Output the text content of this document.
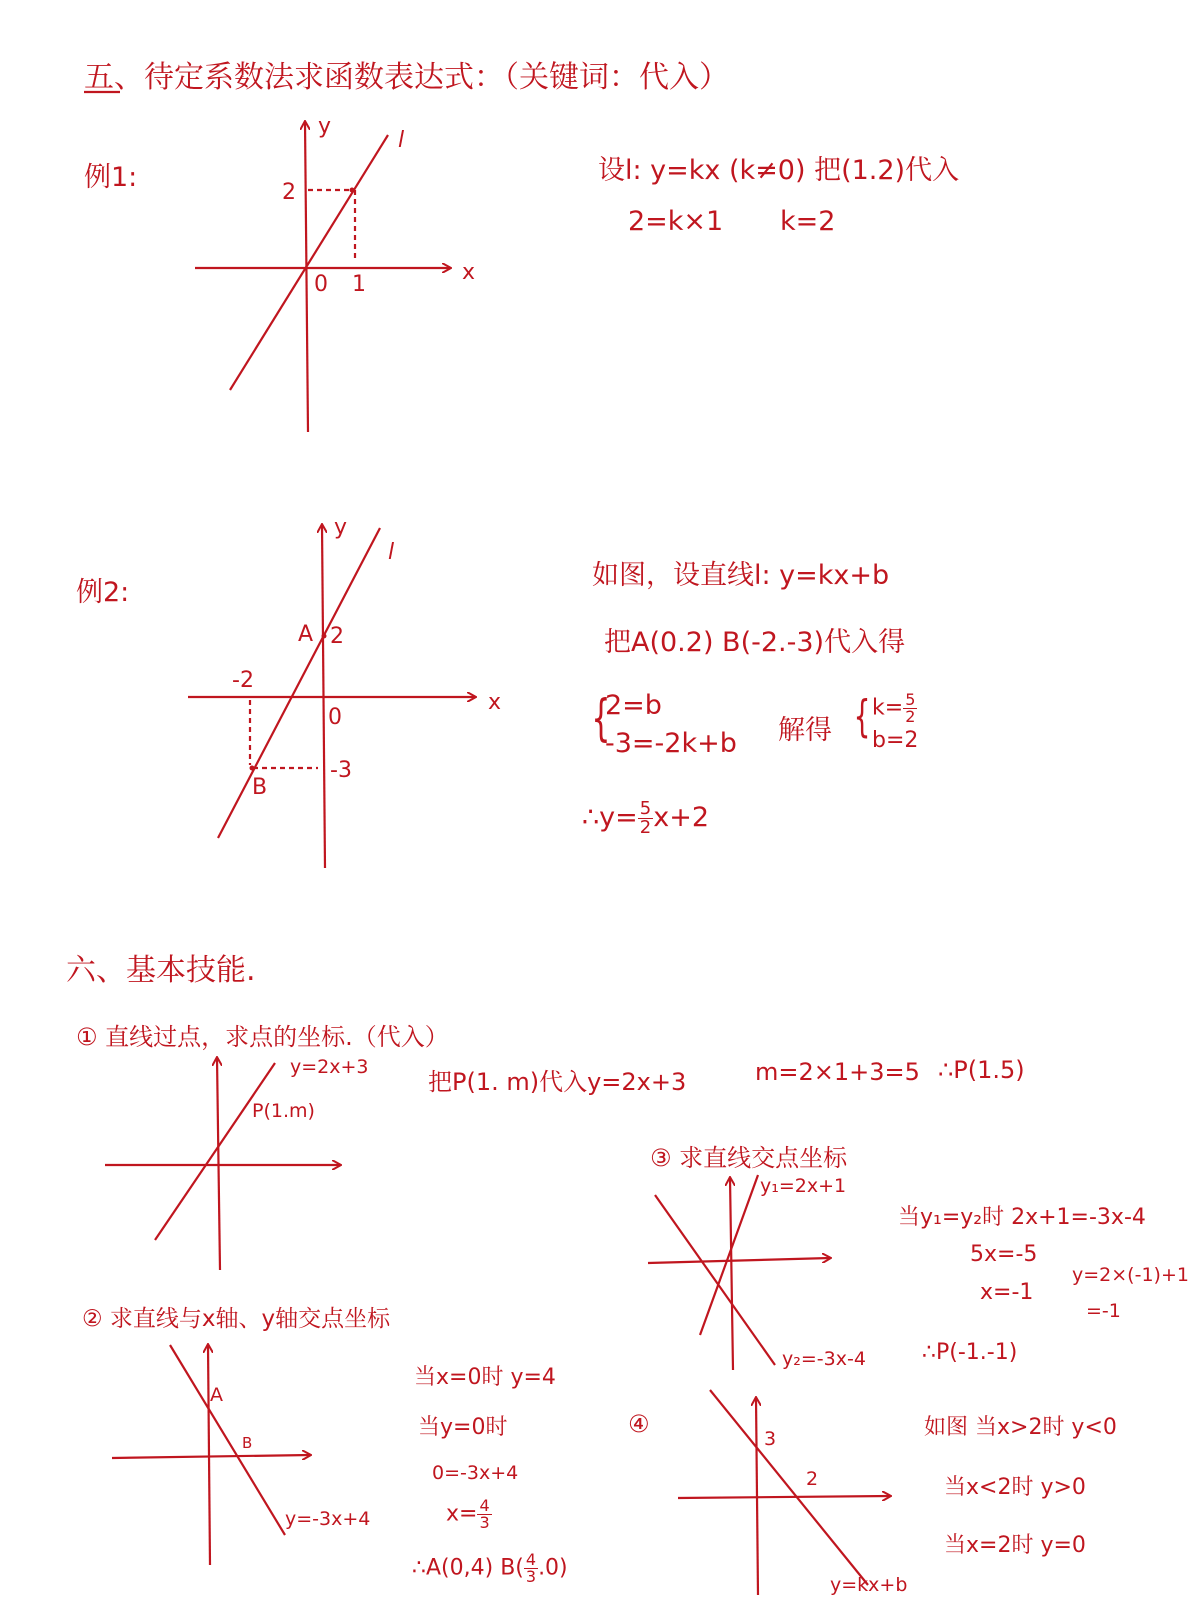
五、待定系数法求函数表达式：（关键词：代入）
例1:
y
x
l
0 1
2
设l: y=kx (k≠0) 把(1.2)代入
2=k×1 k=2
例2:
y
x
l
0
A 2
B
-2
-3
如图，设直线l: y=kx+b
把A(0.2) B(-2.-3)代入得
{
2=b
-3=-2k+b 解得 { $k= \frac{5}{2}$
b=2
∴y= $\frac{5}{2} x+2$
六、基本技能.
① 直线过点，求点的坐标.（代入）
y=2x+3
P(1.m)
把P(1. m)代入y=2x+3	m=2×1+3=5 ∴P(1.5)
③ 求直线交点坐标
y₁=2x+1
y₂=-3x-4
当y₁=y₂时 2x+1=-3x-4
5x=-5
x=-1
y=2×(-1)+1
=-1
∴P(-1.-1)
② 求直线与x轴、y轴交点坐标
A
B
y=-3x+4
当x=0时 y=4
当y=0时
0=-3x+4
$x= \frac{4}{3}$
∴A(0,4) $B( \frac{4}{3} .0)$
④
3
2
y=kx+b
如图 当x>2时 y<0
当x<2时 y>0
当x=2时 y=0
